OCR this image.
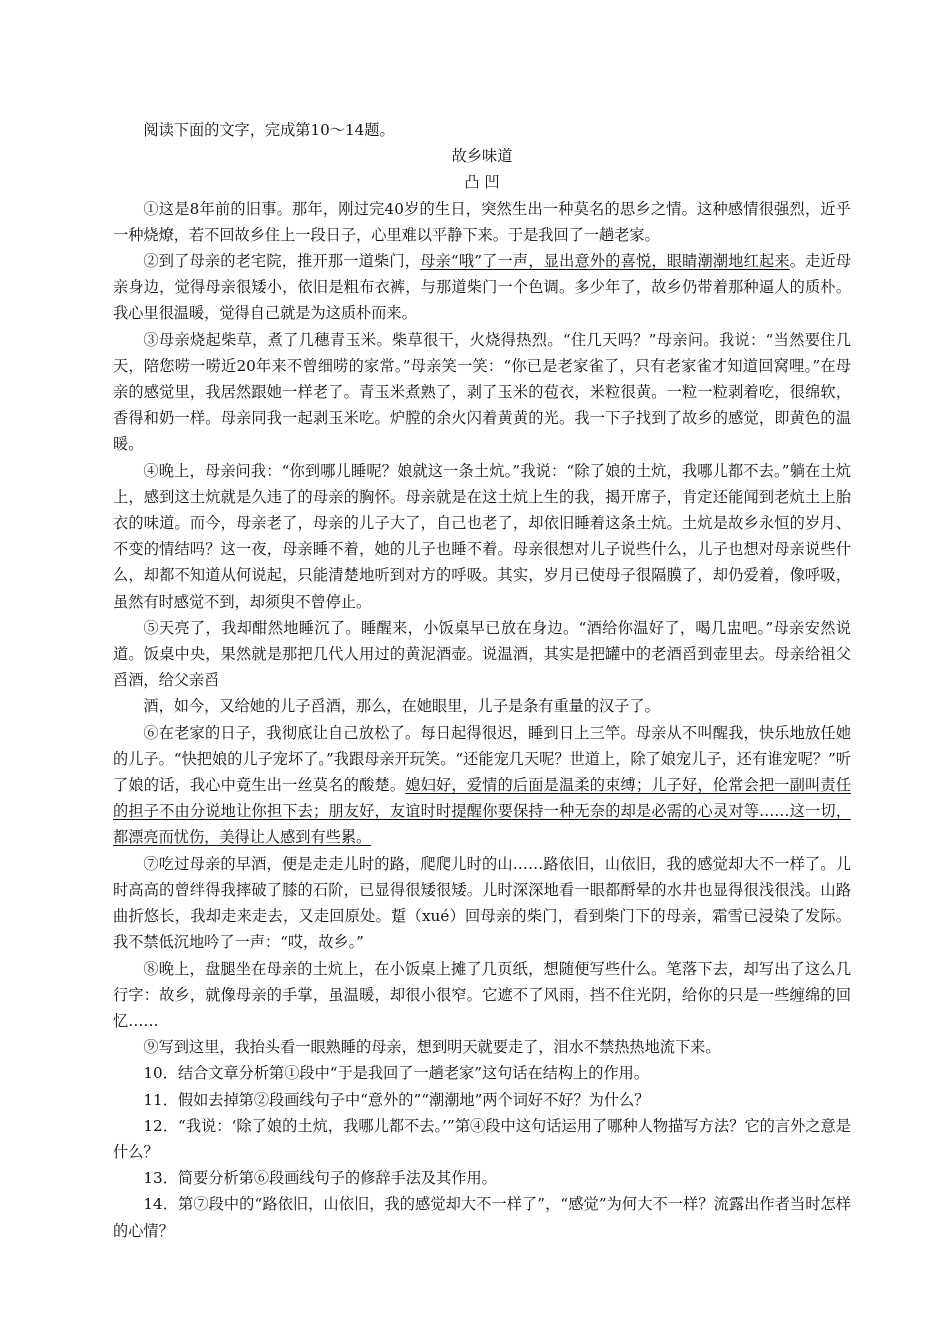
阅读下面的文字，完成第10～14题。

故乡味道

凸 凹

①这是8年前的旧事。那年，刚过完40岁的生日，突然生出一种莫名的思乡之情。这种感情很强烈，近乎一种烧燎，若不回故乡住上一段日子，心里难以平静下来。于是我回了一趟老家。

②到了母亲的老宅院，推开那一道柴门，母亲“哦”了一声，显出意外的喜悦，眼睛潮潮地红起来。走近母亲身边，觉得母亲很矮小，依旧是粗布衣裤，与那道柴门一个色调。多少年了，故乡仍带着那种逼人的质朴。我心里很温暖，觉得自己就是为这质朴而来。

③母亲烧起柴草，煮了几穗青玉米。柴草很干，火烧得热烈。“住几天吗？”母亲问。我说：“当然要住几天，陪您唠一唠近20年来不曾细唠的家常。”母亲笑一笑：“你已是老家雀了，只有老家雀才知道回窝哩。”在母亲的感觉里，我居然跟她一样老了。青玉米煮熟了，剥了玉米的苞衣，米粒很黄。一粒一粒剥着吃，很绵软，香得和奶一样。母亲同我一起剥玉米吃。炉膛的余火闪着黄黄的光。我一下子找到了故乡的感觉，即黄色的温暖。

④晚上，母亲问我：“你到哪儿睡呢？娘就这一条土炕。”我说：“除了娘的土炕，我哪儿都不去。”躺在土炕上，感到这土炕就是久违了的母亲的胸怀。母亲就是在这土炕上生的我，揭开席子，肯定还能闻到老炕土上胎衣的味道。而今，母亲老了，母亲的儿子大了，自己也老了，却依旧睡着这条土炕。土炕是故乡永恒的岁月、不变的情结吗？这一夜，母亲睡不着，她的儿子也睡不着。母亲很想对儿子说些什么，儿子也想对母亲说些什么，却都不知道从何说起，只能清楚地听到对方的呼吸。其实，岁月已使母子很隔膜了，却仍爱着，像呼吸，虽然有时感觉不到，却须臾不曾停止。

⑤天亮了，我却酣然地睡沉了。睡醒来，小饭桌早已放在身边。“酒给你温好了，喝几盅吧。”母亲安然说道。饭桌中央，果然就是那把几代人用过的黄泥酒壶。说温酒，其实是把罐中的老酒舀到壶里去。母亲给祖父舀酒，给父亲舀

酒，如今，又给她的儿子舀酒，那么，在她眼里，儿子是条有重量的汉子了。

⑥在老家的日子，我彻底让自己放松了。每日起得很迟，睡到日上三竿。母亲从不叫醒我，快乐地放任她的儿子。“快把娘的儿子宠坏了。”我跟母亲开玩笑。“还能宠几天呢？世道上，除了娘宠儿子，还有谁宠呢？”听了娘的话，我心中竟生出一丝莫名的酸楚。媳妇好，爱情的后面是温柔的束缚；儿子好，伦常会把一副叫责任的担子不由分说地让你担下去；朋友好，友谊时时提醒你要保持一种无奈的却是必需的心灵对等……这一切，都漂亮而忧伤，美得让人感到有些累。

⑦吃过母亲的早酒，便是走走儿时的路，爬爬儿时的山……路依旧，山依旧，我的感觉却大不一样了。儿时高高的曾绊得我摔破了膝的石阶，已显得很矮很矮。儿时深深地看一眼都酹晕的水井也显得很浅很浅。山路曲折悠长，我却走来走去，又走回原处。踅（xué）回母亲的柴门，看到柴门下的母亲，霜雪已浸染了发际。我不禁低沉地吟了一声：“哎，故乡。”

⑧晚上，盘腿坐在母亲的土炕上，在小饭桌上摊了几页纸，想随便写些什么。笔落下去，却写出了这么几行字：故乡，就像母亲的手掌，虽温暖，却很小很窄。它遮不了风雨，挡不住光阴，给你的只是一些缠绵的回忆……

⑨写到这里，我抬头看一眼熟睡的母亲，想到明天就要走了，泪水不禁热热地流下来。

10．结合文章分析第①段中“于是我回了一趟老家”这句话在结构上的作用。

11．假如去掉第②段画线句子中“意外的”“潮潮地”两个词好不好？为什么？

12．“我说：‘除了娘的土炕，我哪儿都不去。’”第④段中这句话运用了哪种人物描写方法？它的言外之意是什么？

13．简要分析第⑥段画线句子的修辞手法及其作用。

14．第⑦段中的“路依旧，山依旧，我的感觉却大不一样了”，“感觉”为何大不一样？流露出作者当时怎样的心情？
